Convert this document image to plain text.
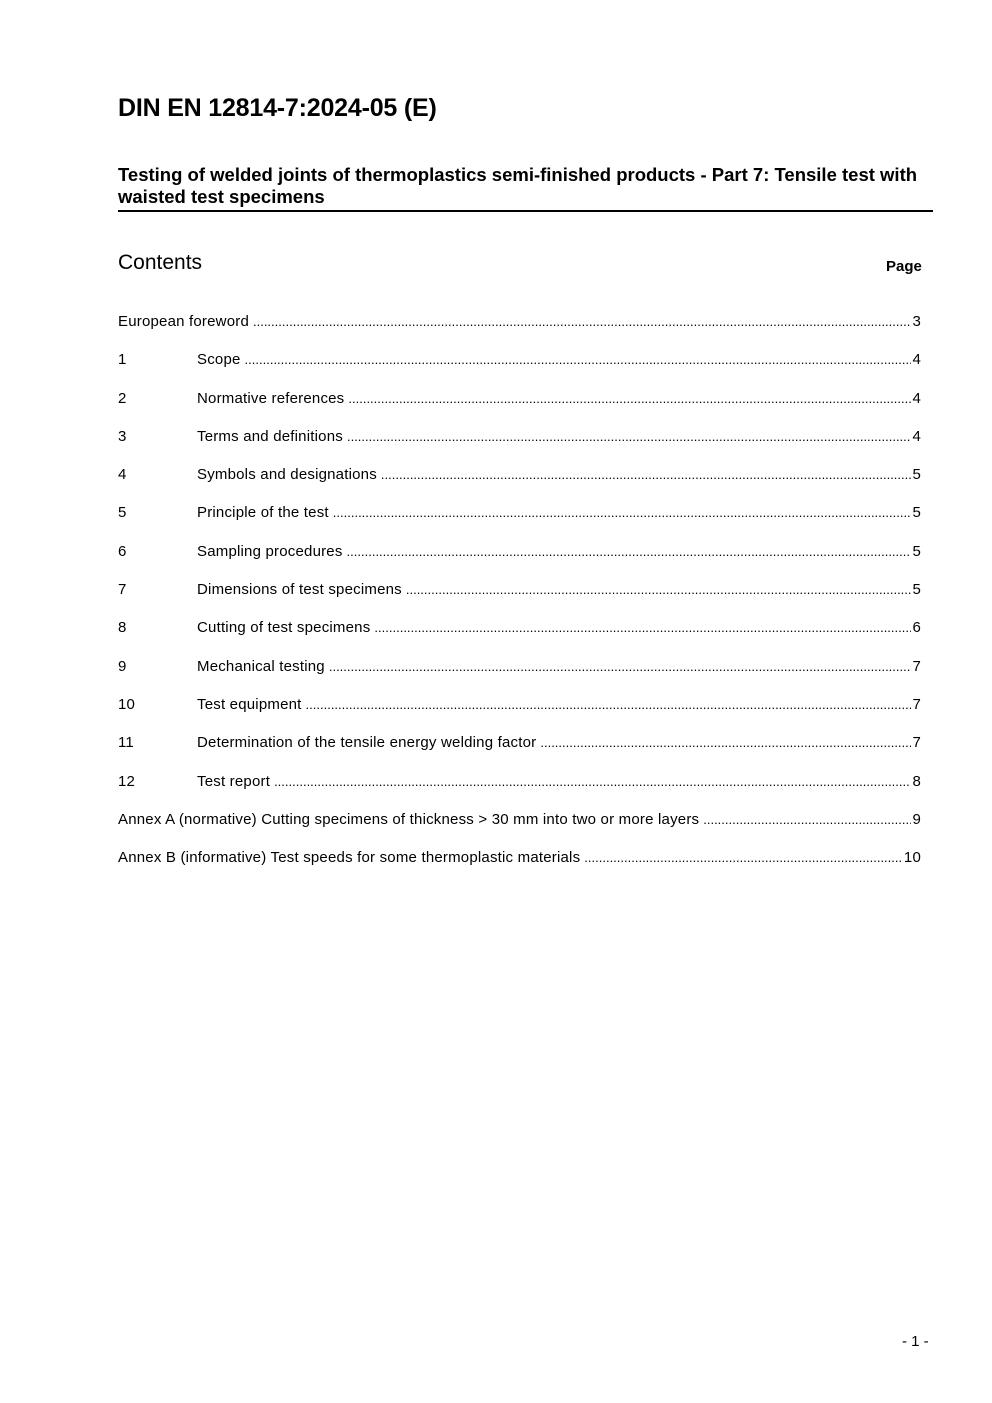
DIN EN 12814-7:2024-05 (E)
Testing of welded joints of thermoplastics semi-finished products - Part 7: Tensile test with waisted test specimens
Contents	Page
European foreword .....	3
1	Scope .....	4
2	Normative references .....	4
3	Terms and definitions .....	4
4	Symbols and designations .....	5
5	Principle of the test .....	5
6	Sampling procedures .....	5
7	Dimensions of test specimens .....	5
8	Cutting of test specimens .....	6
9	Mechanical testing .....	7
10	Test equipment .....	7
11	Determination of the tensile energy welding factor .....	7
12	Test report .....	8
Annex A (normative) Cutting specimens of thickness > 30 mm into two or more layers .....	9
Annex B (informative) Test speeds for some thermoplastic materials .....	10
- 1 -
